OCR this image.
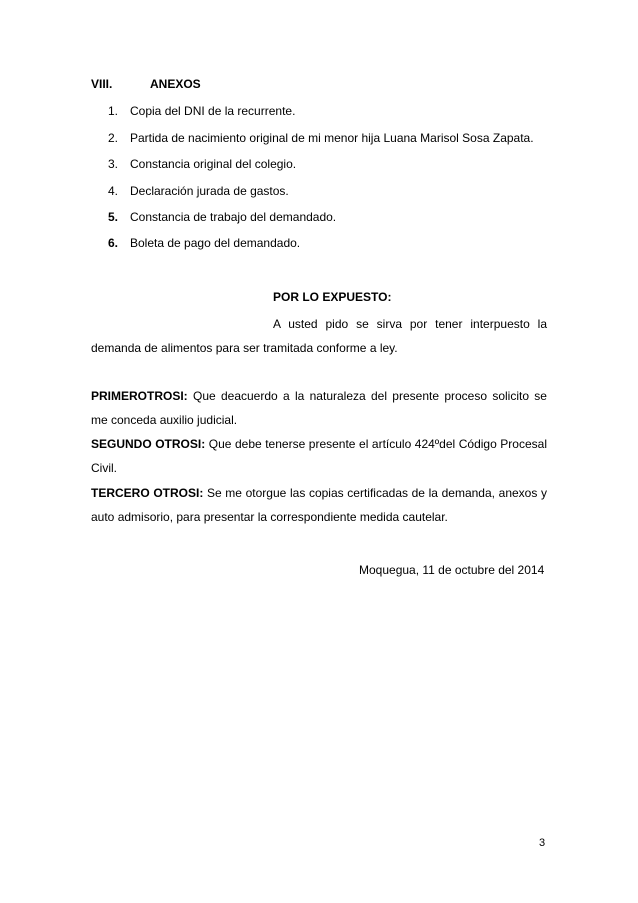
VIII.	ANEXOS
1. Copia del DNI de la recurrente.
2. Partida de nacimiento original de mi menor hija Luana Marisol Sosa Zapata.
3. Constancia original del colegio.
4. Declaración jurada de gastos.
5. Constancia de trabajo del demandado.
6. Boleta de pago del demandado.
POR LO EXPUESTO:
A usted pido se sirva por tener interpuesto la demanda de alimentos para ser tramitada conforme a ley.
PRIMEROTROSI: Que deacuerdo a la naturaleza del presente proceso solicito se me conceda auxilio judicial.
SEGUNDO OTROSI: Que debe tenerse presente el artículo 424ºdel Código Procesal Civil.
TERCERO OTROSI: Se me otorgue las copias certificadas de la demanda, anexos y auto admisorio, para presentar la correspondiente medida cautelar.
Moquegua, 11 de octubre del 2014
3
